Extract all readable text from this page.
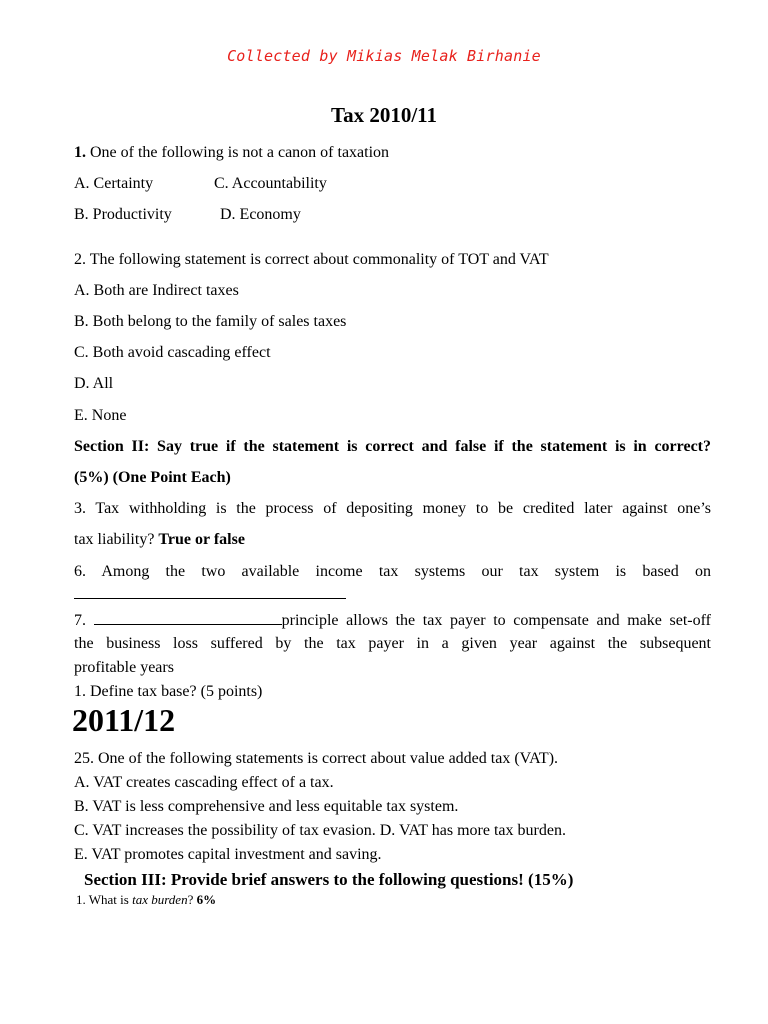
Collected by Mikias Melak Birhanie
Tax 2010/11
1. One of the following is not a canon of taxation
A. Certainty	C. Accountability
B. Productivity	D. Economy
2. The following statement is correct about commonality of TOT and VAT
A. Both are Indirect taxes
B. Both belong to the family of sales taxes
C. Both avoid cascading effect
D. All
E. None
Section II: Say true if the statement is correct and false if the statement is in correct?
(5%) (One Point Each)
3. Tax withholding is the process of depositing money to be credited later against one’s
tax liability? True or false
6. Among the two available income tax systems our tax system is based on
7.	principle allows the tax payer to compensate and make set-off
the business loss suffered by the tax payer in a given year against the subsequent
profitable years
1. Define tax base? (5 points)
2011/12
25. One of the following statements is correct about value added tax (VAT).
A. VAT creates cascading effect of a tax.
B. VAT is less comprehensive and less equitable tax system.
C. VAT increases the possibility of tax evasion. D. VAT has more tax burden.
E. VAT promotes capital investment and saving.
Section III: Provide brief answers to the following questions! (15%)
1. What is tax burden? 6%
